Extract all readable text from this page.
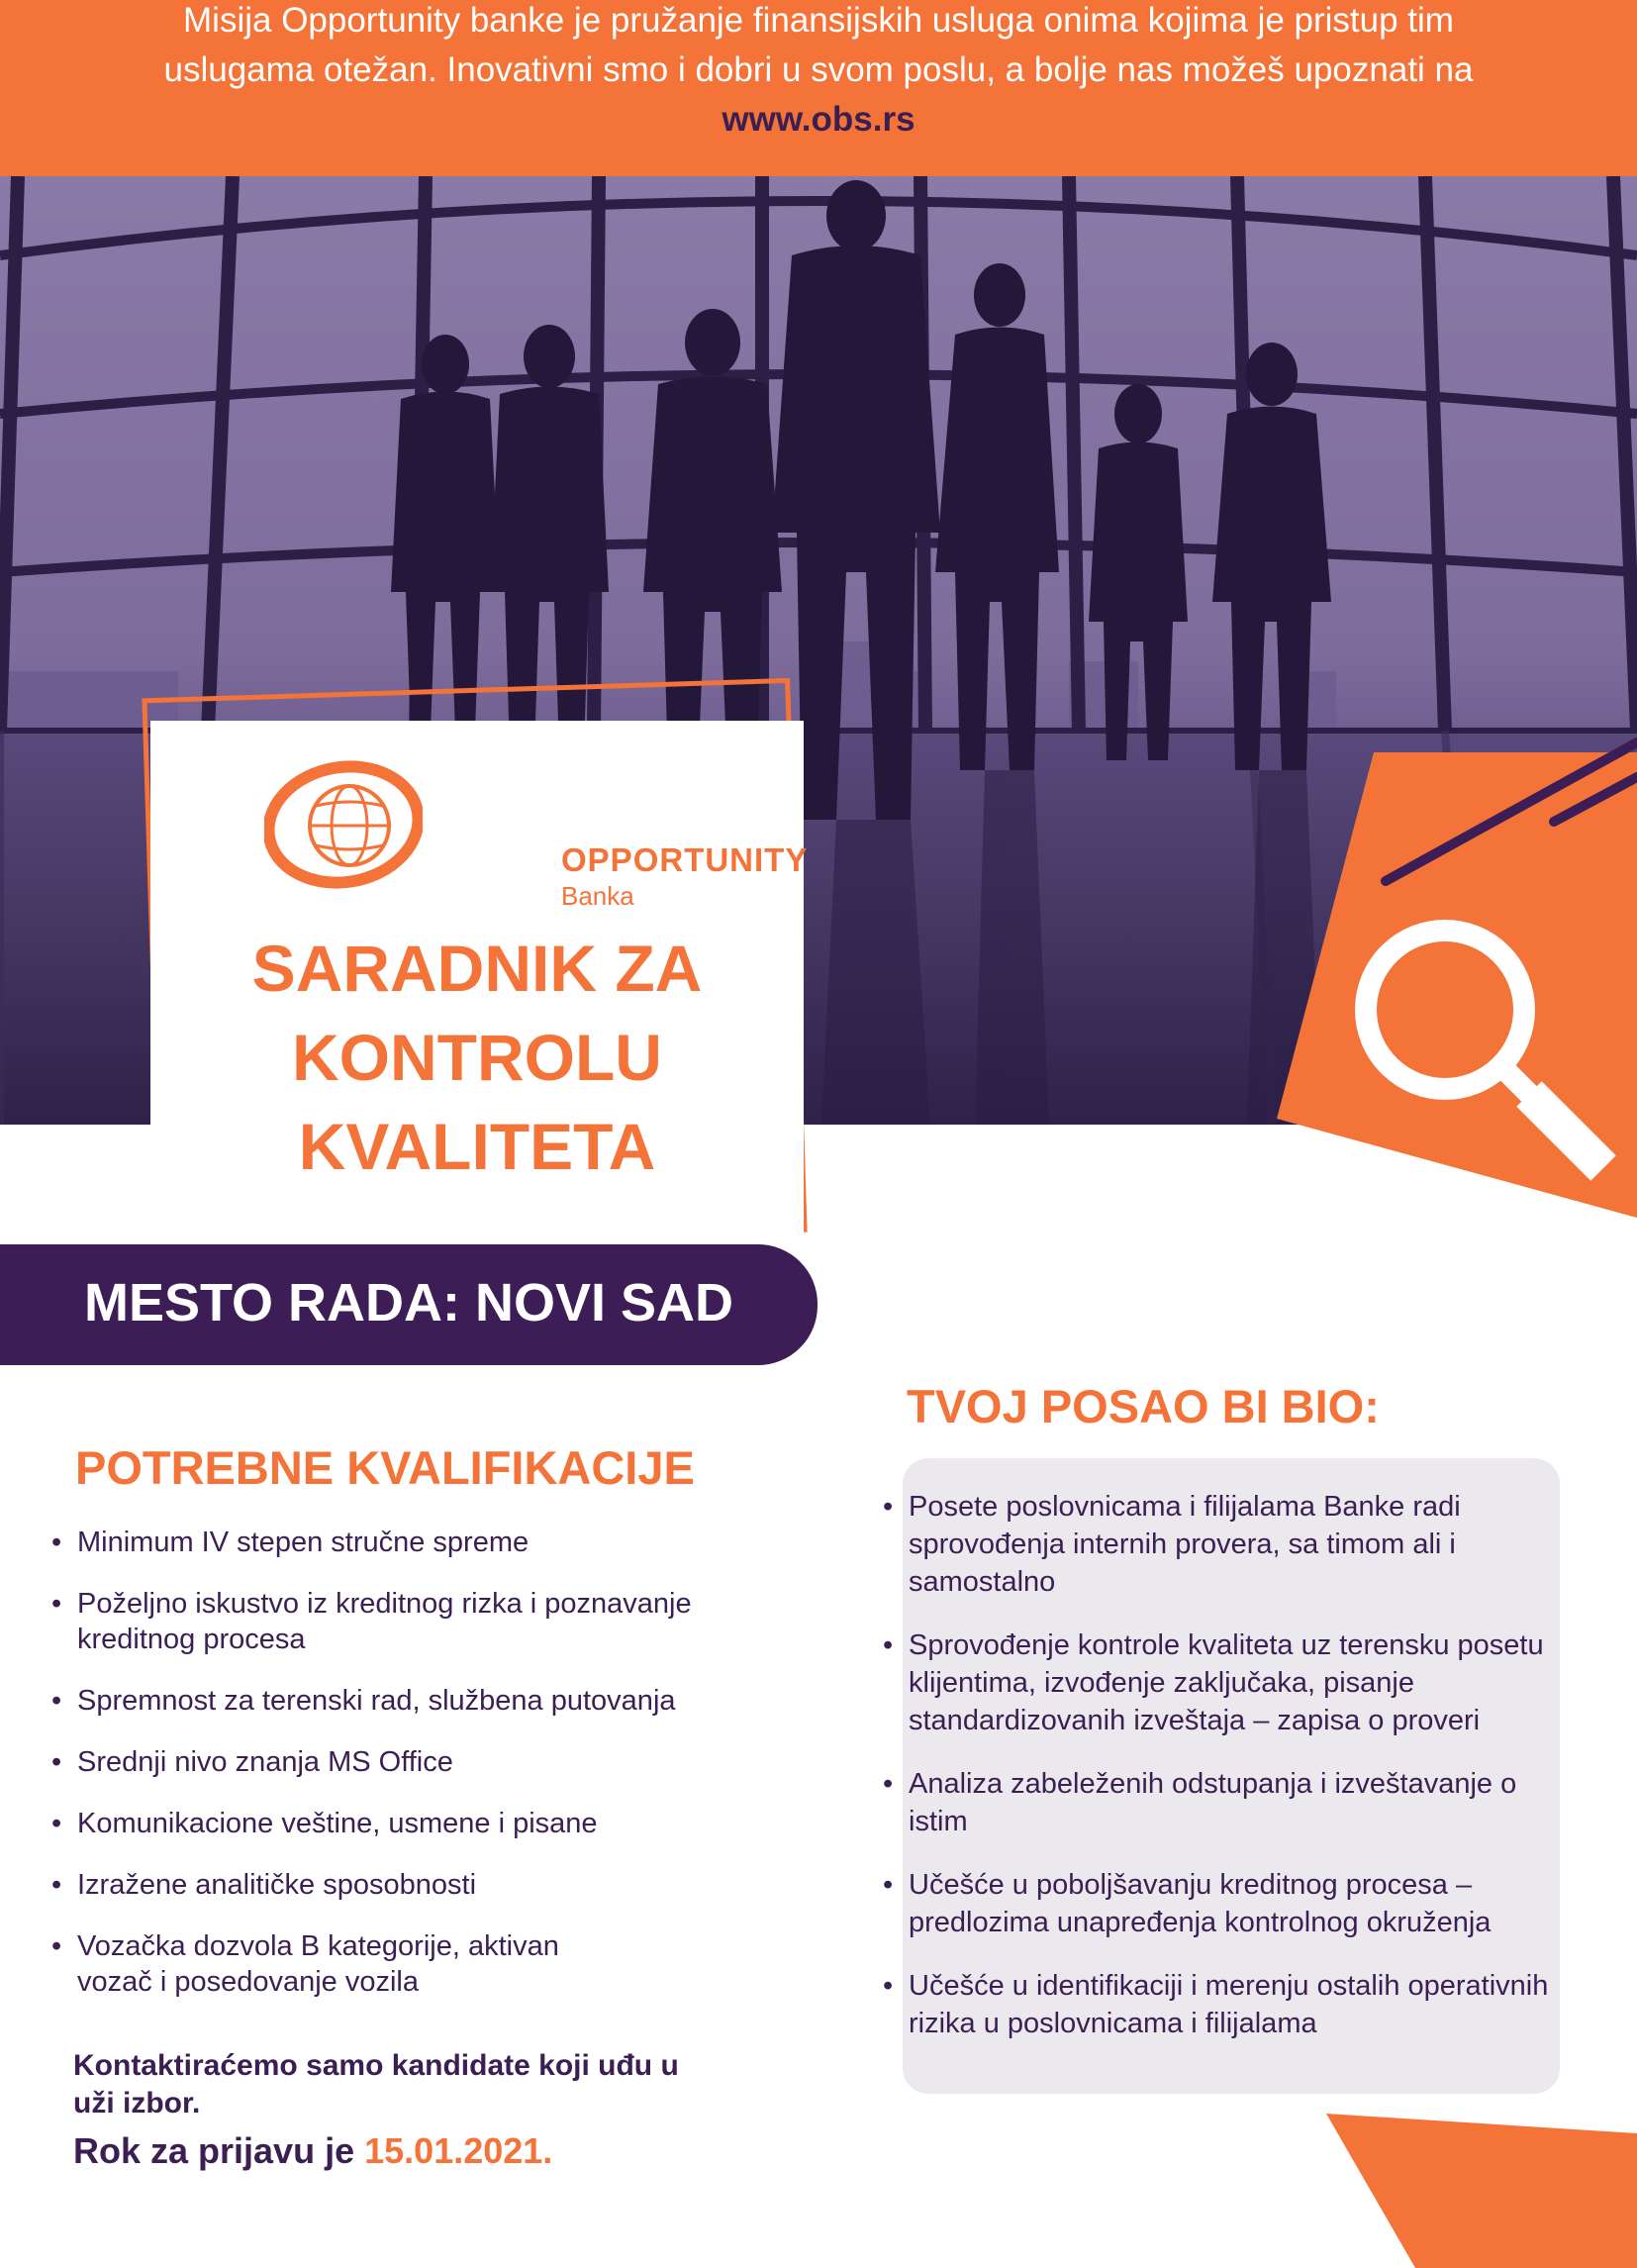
Misija Opportunity banke je pružanje finansijskih usluga onima kojima je pristup tim
uslugama otežan. Inovativni smo i dobri u svom poslu, a bolje nas možeš upoznati na
www.obs.rs
OPPORTUNITY
Banka
SARADNIK ZA
KONTROLU
KVALITETA
MESTO RADA: NOVI SAD
POTREBNE KVALIFIKACIJE
• Minimum IV stepen stručne spreme
• Poželjno iskustvo iz kreditnog rizka i poznavanje kreditnog procesa
• Spremnost za terenski rad, službena putovanja
• Srednji nivo znanja MS Office
• Komunikacione veštine, usmene i pisane
• Izražene analitičke sposobnosti
• Vozačka dozvola B kategorije, aktivan vozač i posedovanje vozila
Kontaktiraćemo samo kandidate koji uđu u uži izbor.
Rok za prijavu je 15.01.2021.
TVOJ POSAO BI BIO:
• Posete poslovnicama i filijalama Banke radi sprovođenja internih provera, sa timom ali i samostalno
• Sprovođenje kontrole kvaliteta uz terensku posetu klijentima, izvođenje zaključaka, pisanje standardizovanih izveštaja – zapisa o proveri
• Analiza zabeleženih odstupanja i izveštavanje o istim
• Učešće u poboljšavanju kreditnog procesa – predlozima unapređenja kontrolnog okruženja
• Učešće u identifikaciji i merenju ostalih operativnih rizika u poslovnicama i filijalama
